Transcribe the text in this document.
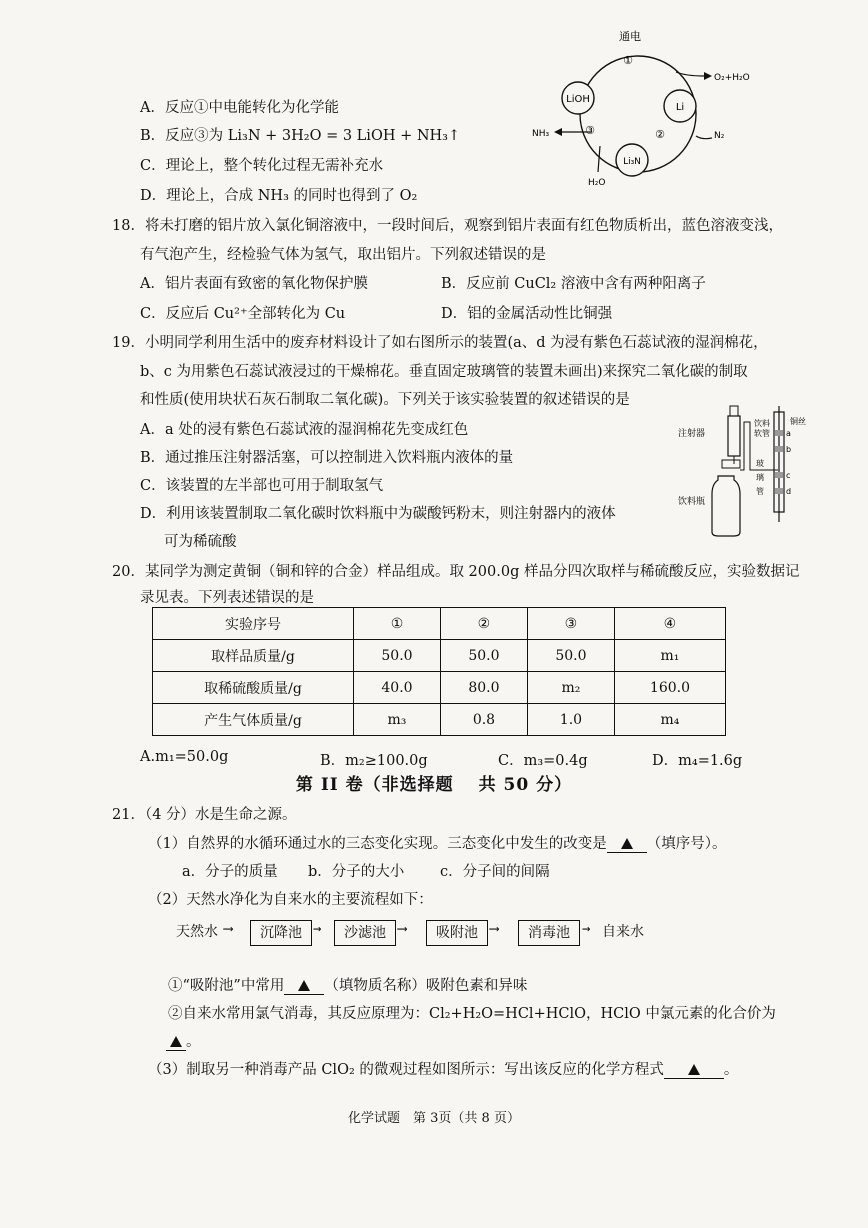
A．反应①中电能转化为化学能
B．反应③为 Li₃N + 3H₂O = 3 LiOH + NH₃↑
C．理论上，整个转化过程无需补充水
D．理论上，合成 NH₃ 的同时也得到了 O₂
LiOH
Li
Li₃N
通电
①
②
③
O₂+H₂O
N₂
NH₃
H₂O
18．将未打磨的铝片放入氯化铜溶液中，一段时间后，观察到铝片表面有红色物质析出，蓝色溶液变浅，
有气泡产生，经检验气体为氢气，取出铝片。下列叙述错误的是
A．铝片表面有致密的氧化物保护膜	B．反应前 CuCl₂ 溶液中含有两种阳离子
C．反应后 Cu²⁺全部转化为 Cu	D．铝的金属活动性比铜强
19．小明同学利用生活中的废弃材料设计了如右图所示的装置(a、d 为浸有紫色石蕊试液的湿润棉花，
b、c 为用紫色石蕊试液浸过的干燥棉花。垂直固定玻璃管的装置未画出)来探究二氧化碳的制取
和性质(使用块状石灰石制取二氧化碳)。下列关于该实验装置的叙述错误的是
A．a 处的浸有紫色石蕊试液的湿润棉花先变成红色
B．通过推压注射器活塞，可以控制进入饮料瓶内液体的量
C．该装置的左半部也可用于制取氢气
D．利用该装置制取二氧化碳时饮料瓶中为碳酸钙粉末，则注射器内的液体
可为稀硫酸
注射器
饮料
软管
铜丝
a
b
c
d
玻
璃
管
饮料瓶
20．某同学为测定黄铜（铜和锌的合金）样品组成。取 200.0g 样品分四次取样与稀硫酸反应，实验数据记
录见表。下列表述错误的是
实验序号	①	②	③	④
取样品质量/g	50.0	50.0	50.0	m₁
取稀硫酸质量/g	40.0	80.0	m₂	160.0
产生气体质量/g	m₃	0.8	1.0	m₄
A.m₁=50.0g	B．m₂≥100.0g	C．m₃=0.4g	D．m₄=1.6g
第 II 卷（非选择题　 共 50 分）
21．（4 分）水是生命之源。
（1）自然界的水循环通过水的三态变化实现。三态变化中发生的改变是	（填序号）。
a．分子的质量 b．分子的大小 c．分子间的间隔
（2）天然水净化为自来水的主要流程如下：
天然水 ⟶	沉降池 →	沙滤池 ⟶	吸附池 ⟶	消毒池 → 自来水
①“吸附池”中常用	（填物质名称）吸附色素和异味
②自来水常用氯气消毒，其反应原理为：Cl₂+H₂O=HCl+HClO，HClO 中氯元素的化合价为
。
（3）制取另一种消毒产品 ClO₂ 的微观过程如图所示：写出该反应的化学方程式	。
化学试题　第 3页（共 8 页）
